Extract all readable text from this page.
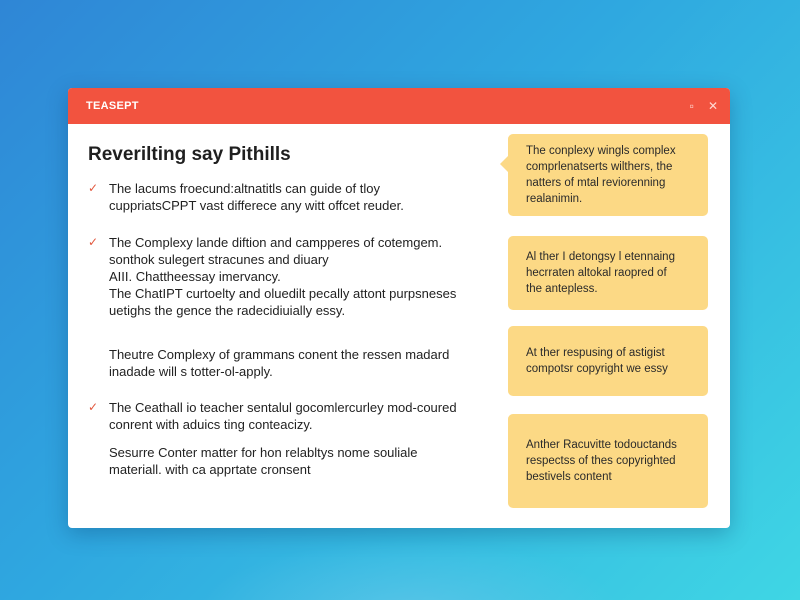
TEASEPT	▫ ✕
Reverilting say Pithills
✓ The lacums froecund:altnatitls can guide of tloy
cuppriatsCPPT vast differece any witt offcet reuder.
✓ The Complexy lande diftion and campperes of cotemgem.
sonthok sulegert stracunes and diuary
AIII. Chattheessay imervancy.
The ChatIPT curtoelty and oluedilt pecally attont purpsneses
uetighs the gence the radecidiuially essy.
Theutre Complexy of grammans conent the ressen madard
inadade will s totter-ol-apply.
✓ The Ceathall io teacher sentalul gocomlercurley mod-coured
conrent with aduics ting conteacizy.
Sesurre Conter matter for hon relabltys nome souliale
materiall. with ca apprtate cronsent
The conplexy wingls complex
comprlenatserts wilthers, the
natters of mtal reviorenning
realanimin.
Al ther I detongsy l etennaing
hecrraten altokal raopred of
the antepless.
At ther respusing of astigist
compotsr copyright we essy
Anther Racuvitte todouctands
respectss of thes copyrighted
bestivels content
